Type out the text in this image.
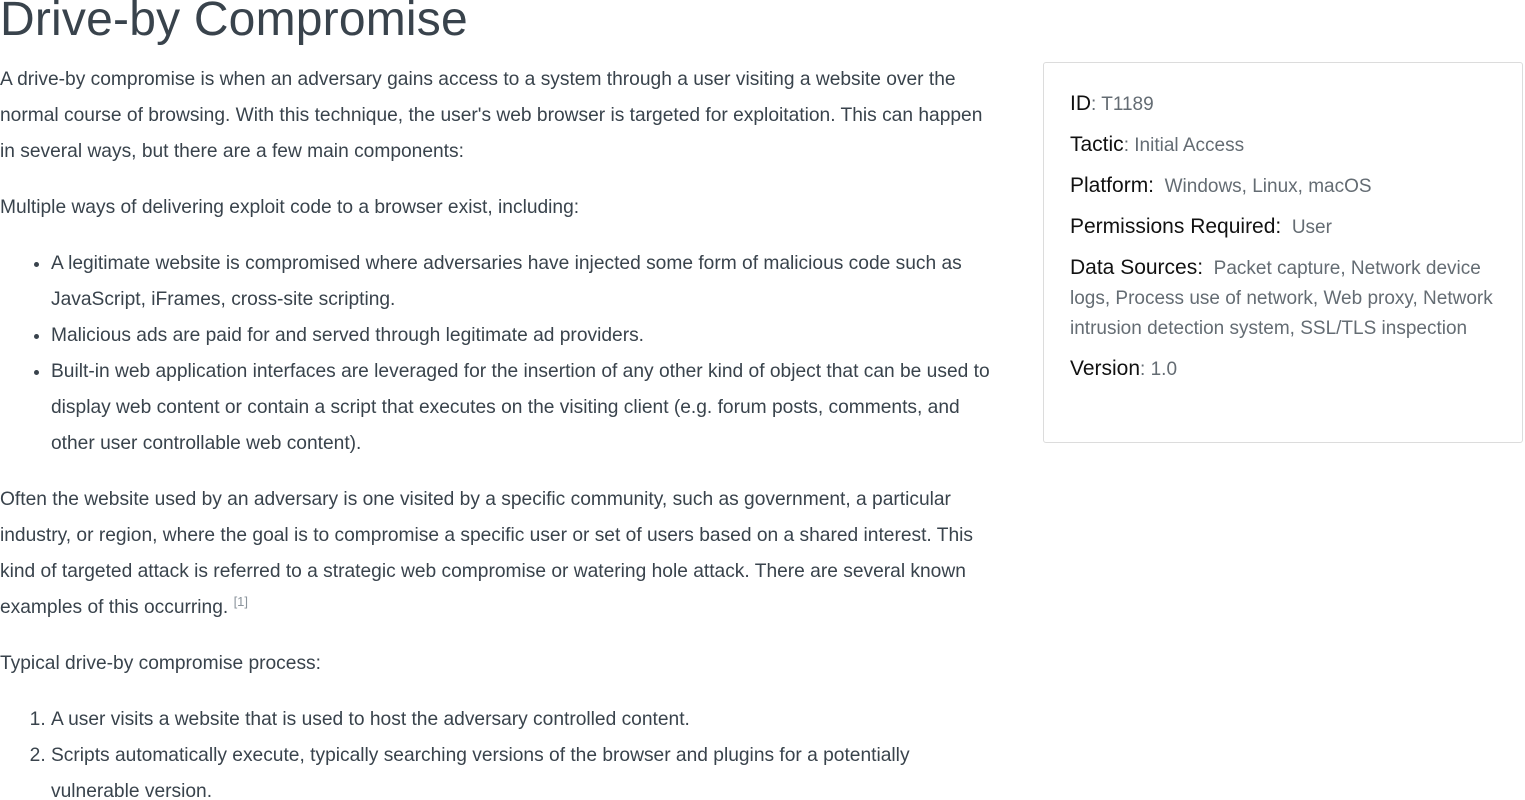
Drive-by Compromise

A drive-by compromise is when an adversary gains access to a system through a user visiting a website over the normal course of browsing. With this technique, the user's web browser is targeted for exploitation. This can happen in several ways, but there are a few main components:

Multiple ways of delivering exploit code to a browser exist, including:

• A legitimate website is compromised where adversaries have injected some form of malicious code such as JavaScript, iFrames, cross-site scripting.
• Malicious ads are paid for and served through legitimate ad providers.
• Built-in web application interfaces are leveraged for the insertion of any other kind of object that can be used to display web content or contain a script that executes on the visiting client (e.g. forum posts, comments, and other user controllable web content).

Often the website used by an adversary is one visited by a specific community, such as government, a particular industry, or region, where the goal is to compromise a specific user or set of users based on a shared interest. This kind of targeted attack is referred to a strategic web compromise or watering hole attack. There are several known examples of this occurring. [1]

Typical drive-by compromise process:

1. A user visits a website that is used to host the adversary controlled content.
2. Scripts automatically execute, typically searching versions of the browser and plugins for a potentially vulnerable version.
ID: T1189
Tactic: Initial Access
Platform: Windows, Linux, macOS
Permissions Required: User
Data Sources: Packet capture, Network device logs, Process use of network, Web proxy, Network intrusion detection system, SSL/TLS inspection
Version: 1.0
